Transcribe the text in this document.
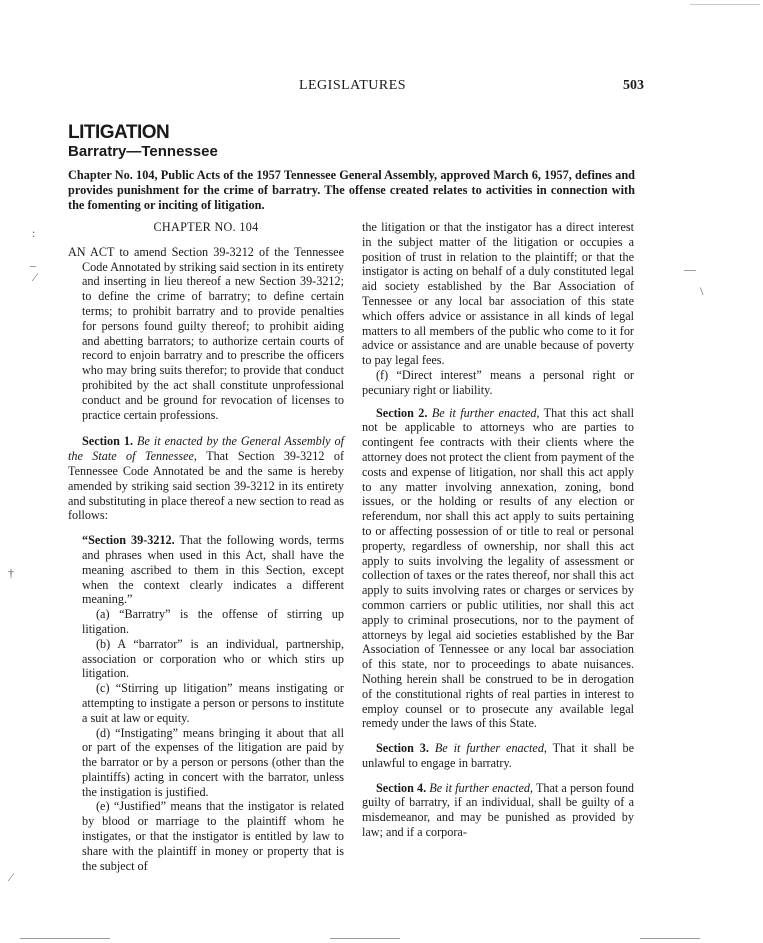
LEGISLATURES	503
LITIGATION
Barratry—Tennessee
Chapter No. 104, Public Acts of the 1957 Tennessee General Assembly, approved March 6, 1957, defines and provides punishment for the crime of barratry. The offense created relates to activities in connection with the fomenting or inciting of litigation.
CHAPTER NO. 104

AN ACT to amend Section 39-3212 of the Tennessee Code Annotated by striking said section in its entirety and inserting in lieu thereof a new Section 39-3212; to define the crime of barratry; to define certain terms; to prohibit barratry and to provide penalties for persons found guilty thereof; to prohibit aiding and abetting barrators; to authorize certain courts of record to enjoin barratry and to prescribe the officers who may bring suits therefor; to provide that conduct prohibited by the act shall constitute unprofessional conduct and be ground for revocation of licenses to practice certain professions.

Section 1. Be it enacted by the General Assembly of the State of Tennessee, That Section 39-3212 of Tennessee Code Annotated be and the same is hereby amended by striking said section 39-3212 in its entirety and substituting in place thereof a new section to read as follows:

“Section 39-3212. That the following words, terms and phrases when used in this Act, shall have the meaning ascribed to them in this Section, except when the context clearly indicates a different meaning.”

(a) “Barratry” is the offense of stirring up litigation.

(b) A “barrator” is an individual, partnership, association or corporation who or which stirs up litigation.

(c) “Stirring up litigation” means instigating or attempting to instigate a person or persons to institute a suit at law or equity.

(d) “Instigating” means bringing it about that all or part of the expenses of the litigation are paid by the barrator or by a person or persons (other than the plaintiffs) acting in concert with the barrator, unless the instigation is justified.

(e) “Justified” means that the instigator is related by blood or marriage to the plaintiff whom he instigates, or that the instigator is entitled by law to share with the plaintiff in money or property that is the subject of

the litigation or that the instigator has a direct interest in the subject matter of the litigation or occupies a position of trust in relation to the plaintiff; or that the instigator is acting on behalf of a duly constituted legal aid society established by the Bar Association of Tennessee or any local bar association of this state which offers advice or assistance in all kinds of legal matters to all members of the public who come to it for advice or assistance and are unable because of poverty to pay legal fees.

(f) “Direct interest” means a personal right or pecuniary right or liability.

Section 2. Be it further enacted, That this act shall not be applicable to attorneys who are parties to contingent fee contracts with their clients where the attorney does not protect the client from payment of the costs and expense of litigation, nor shall this act apply to any matter involving annexation, zoning, bond issues, or the holding or results of any election or referendum, nor shall this act apply to suits pertaining to or affecting possession of or title to real or personal property, regardless of ownership, nor shall this act apply to suits involving the legality of assessment or collection of taxes or the rates thereof, nor shall this act apply to suits involving rates or charges or services by common carriers or public utilities, nor shall this act apply to criminal prosecutions, nor to the payment of attorneys by legal aid societies established by the Bar Association of Tennessee or any local bar association of this state, nor to proceedings to abate nuisances. Nothing herein shall be construed to be in derogation of the constitutional rights of real parties in interest to employ counsel or to prosecute any available legal remedy under the laws of this State.

Section 3. Be it further enacted, That it shall be unlawful to engage in barratry.

Section 4. Be it further enacted, That a person found guilty of barratry, if an individual, shall be guilty of a misdemeanor, and may be punished as provided by law; and if a corpora-

:
–
⁄
—
\
†
⁄
